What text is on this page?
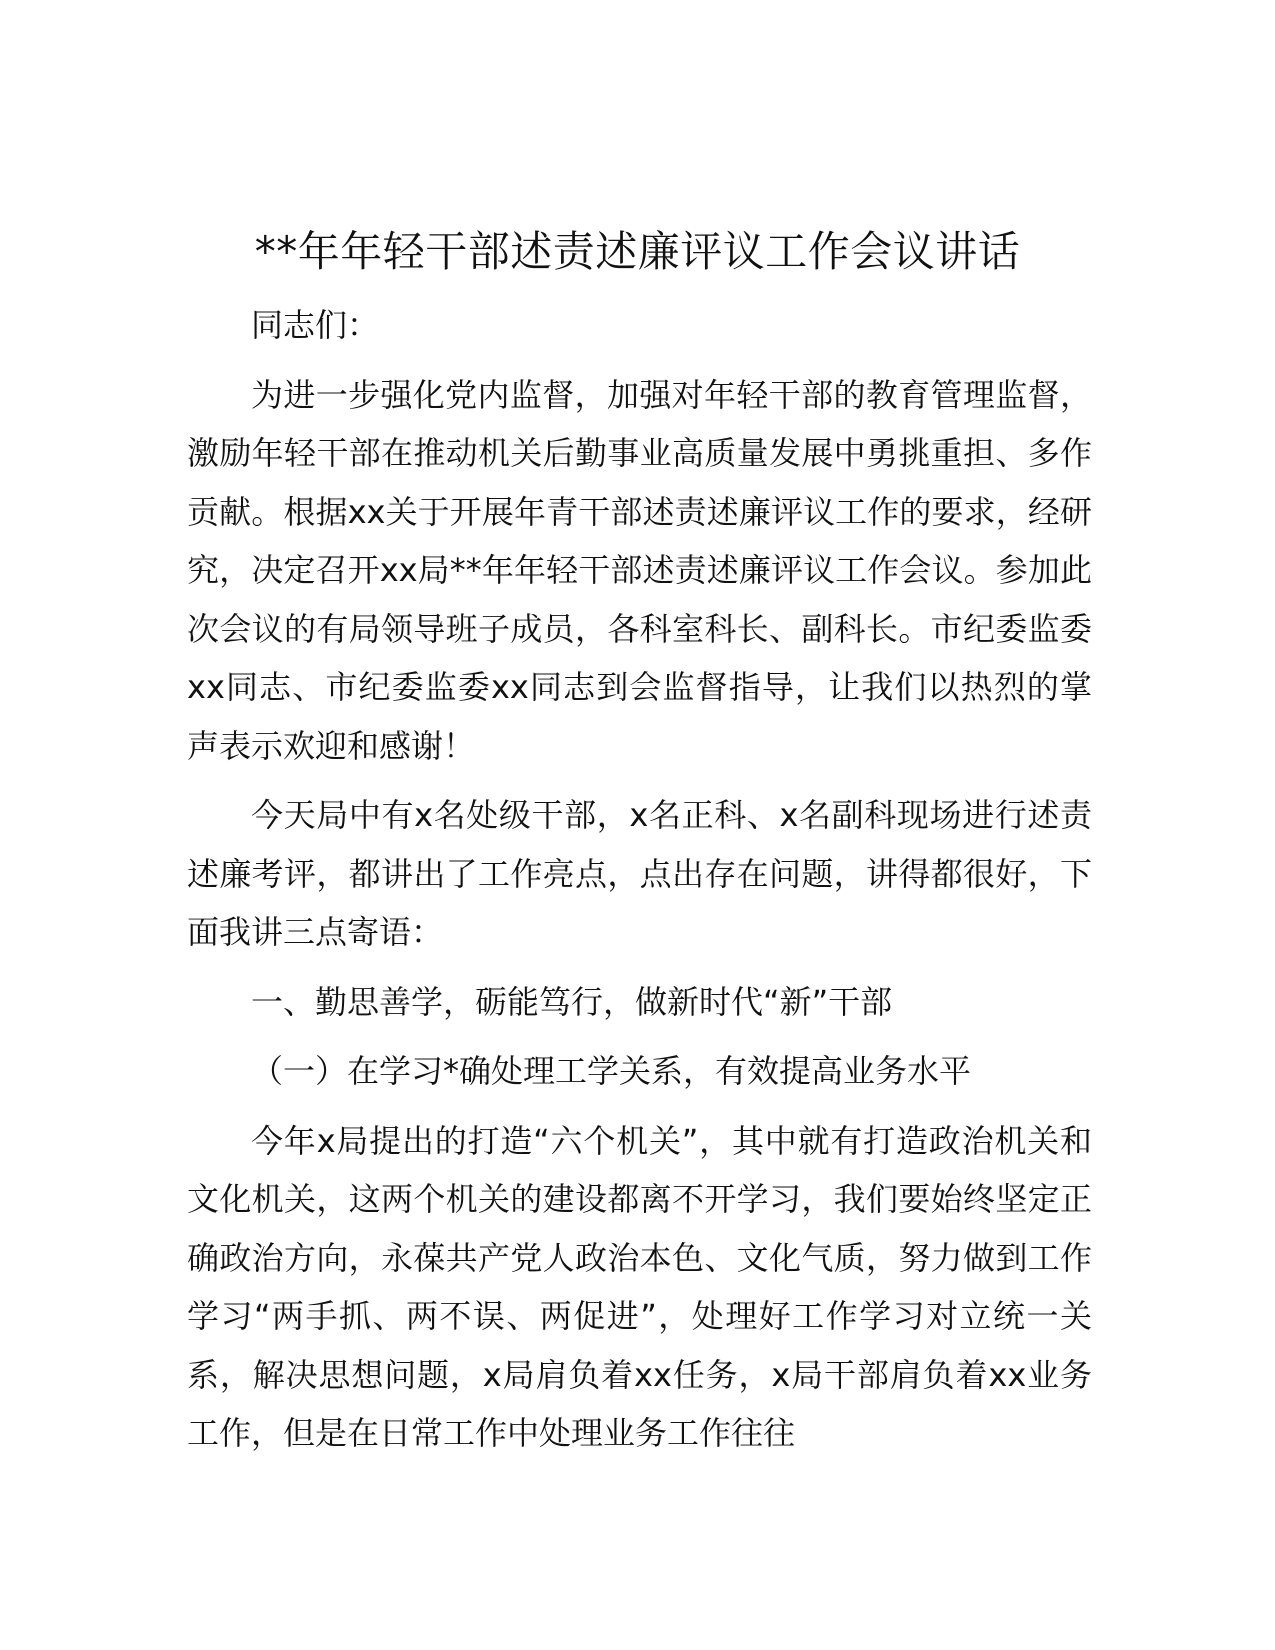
**年年轻干部述责述廉评议工作会议讲话

同志们：

为进一步强化党内监督，加强对年轻干部的教育管理监督，激励年轻干部在推动机关后勤事业高质量发展中勇挑重担、多作贡献。根据xx关于开展年青干部述责述廉评议工作的要求，经研究，决定召开xx局**年年轻干部述责述廉评议工作会议。参加此次会议的有局领导班子成员，各科室科长、副科长。市纪委监委xx同志、市纪委监委xx同志到会监督指导，让我们以热烈的掌声表示欢迎和感谢！

今天局中有x名处级干部，x名正科、x名副科现场进行述责述廉考评，都讲出了工作亮点，点出存在问题，讲得都很好，下面我讲三点寄语：

一、勤思善学，砺能笃行，做新时代“新”干部

（一）在学习*确处理工学关系，有效提高业务水平

今年x局提出的打造“六个机关”，其中就有打造政治机关和文化机关，这两个机关的建设都离不开学习，我们要始终坚定正确政治方向，永葆共产党人政治本色、文化气质，努力做到工作学习“两手抓、两不误、两促进”，处理好工作学习对立统一关系，解决思想问题，x局肩负着xx任务，x局干部肩负着xx业务工作，但是在日常工作中处理业务工作往往
